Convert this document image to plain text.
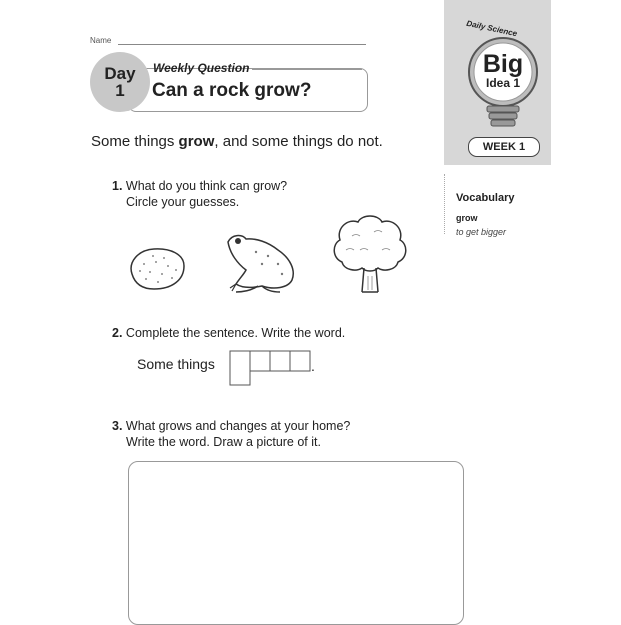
Name
Day
1
Weekly Question
Can a rock grow?
Daily Science
Big
Idea 1
WEEK 1
Vocabulary
grow
to get bigger
Some things grow, and some things do not.
1. What do you think can grow?
Circle your guesses.
2. Complete the sentence. Write the word.
Some things	.
3. What grows and changes at your home?
Write the word. Draw a picture of it.
